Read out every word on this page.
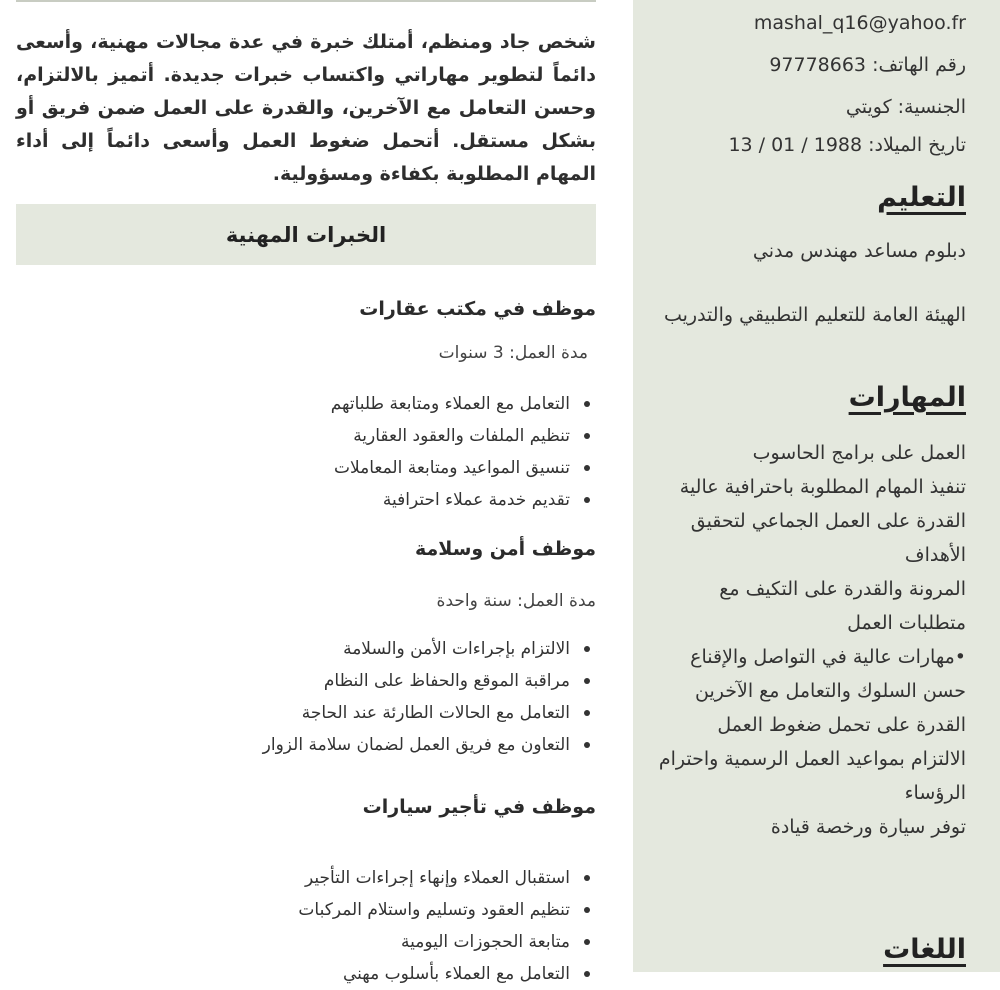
mashal_q16@yahoo.fr
رقم الهاتف: 97778663
الجنسية: كويتي
تاريخ الميلاد: 13 / 01 / 1988
التعليم
دبلوم مساعد مهندس مدني
الهيئة العامة للتعليم التطبيقي والتدريب
المهارات
العمل على برامج الحاسوب
تنفيذ المهام المطلوبة باحترافية عالية
القدرة على العمل الجماعي لتحقيق الأهداف
المرونة والقدرة على التكيف مع متطلبات العمل
•مهارات عالية في التواصل والإقناع
حسن السلوك والتعامل مع الآخرين
القدرة على تحمل ضغوط العمل
الالتزام بمواعيد العمل الرسمية واحترام الرؤساء
توفر سيارة ورخصة قيادة
اللغات

شخص جاد ومنظم، أمتلك خبرة في عدة مجالات مهنية، وأسعى دائماً لتطوير مهاراتي واكتساب خبرات جديدة. أتميز بالالتزام، وحسن التعامل مع الآخرين، والقدرة على العمل ضمن فريق أو بشكل مستقل. أتحمل ضغوط العمل وأسعى دائماً إلى أداء المهام المطلوبة بكفاءة ومسؤولية.

الخبرات المهنية
موظف في مكتب عقارات
مدة العمل: 3 سنوات
التعامل مع العملاء ومتابعة طلباتهم
تنظيم الملفات والعقود العقارية
تنسيق المواعيد ومتابعة المعاملات
تقديم خدمة عملاء احترافية
موظف أمن وسلامة
مدة العمل: سنة واحدة
الالتزام بإجراءات الأمن والسلامة
مراقبة الموقع والحفاظ على النظام
التعامل مع الحالات الطارئة عند الحاجة
التعاون مع فريق العمل لضمان سلامة الزوار
موظف في تأجير سيارات
استقبال العملاء وإنهاء إجراءات التأجير
تنظيم العقود وتسليم واستلام المركبات
متابعة الحجوزات اليومية
التعامل مع العملاء بأسلوب مهني
